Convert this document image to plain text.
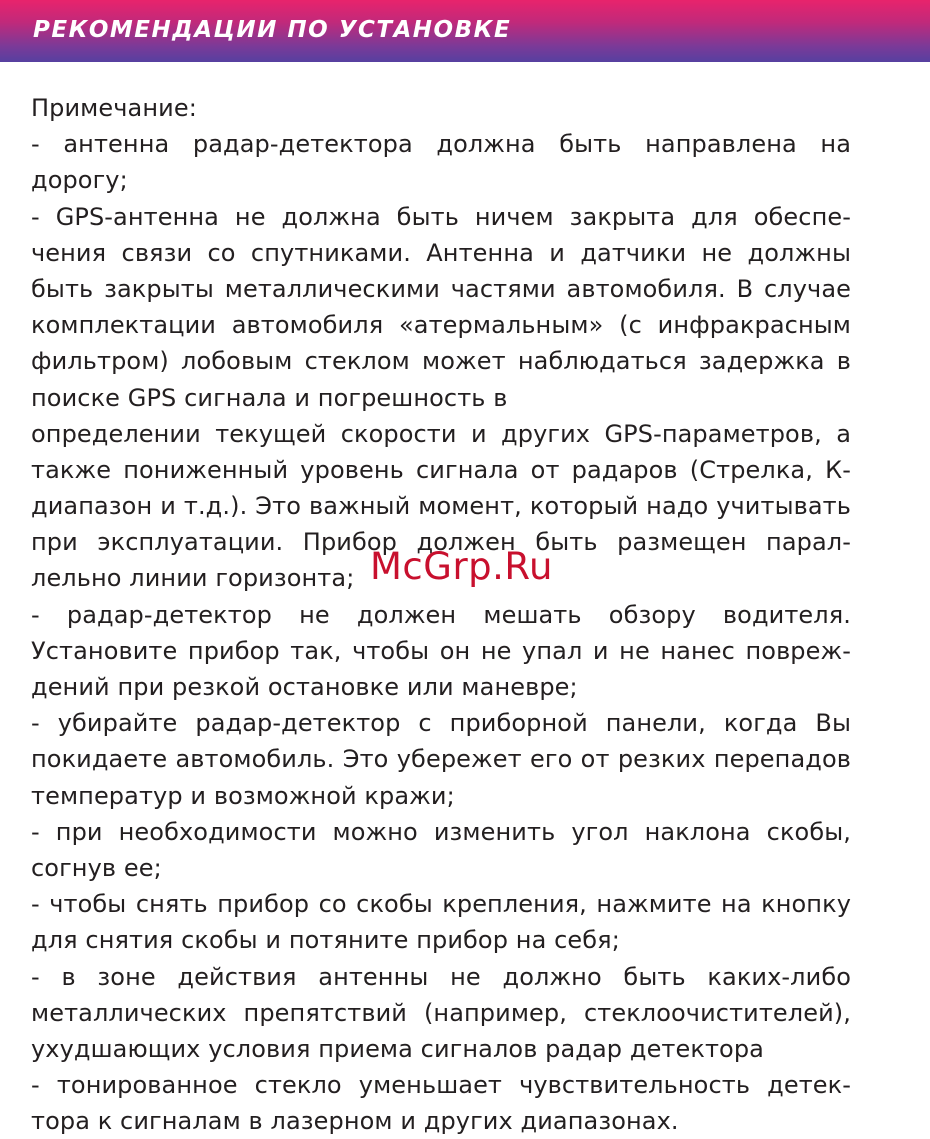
РЕКОМЕНДАЦИИ ПО УСТАНОВКЕ
Примечание:
- антенна радар-детектора должна быть направлена на
дорогу;
- GPS-антенна не должна быть ничем закрыта для обеспе-
чения связи со спутниками. Антенна и датчики не должны
быть закрыты металлическими частями автомобиля. В случае
комплектации автомобиля «атермальным» (с инфракрасным
фильтром) лобовым стеклом может наблюдаться задержка в
поиске GPS сигнала и погрешность в
определении текущей скорости и других GPS-параметров, а
также пониженный уровень сигнала от радаров (Стрелка, К-
диапазон и т.д.). Это важный момент, который надо учитывать
при эксплуатации. Прибор должен быть размещен парал-
лельно линии горизонта;
- радар-детектор не должен мешать обзору водителя.
Установите прибор так, чтобы он не упал и не нанес повреж-
дений при резкой остановке или маневре;
- убирайте радар-детектор с приборной панели, когда Вы
покидаете автомобиль. Это убережет его от резких перепадов
температур и возможной кражи;
- при необходимости можно изменить угол наклона скобы,
согнув ее;
- чтобы снять прибор со скобы крепления, нажмите на кнопку
для снятия скобы и потяните прибор на себя;
- в зоне действия антенны не должно быть каких-либо
металлических препятствий (например, стеклоочистителей),
ухудшающих условия приема сигналов радар детектора
- тонированное стекло уменьшает чувствительность детек-
тора к сигналам в лазерном и других диапазонах.
McGrp.Ru
